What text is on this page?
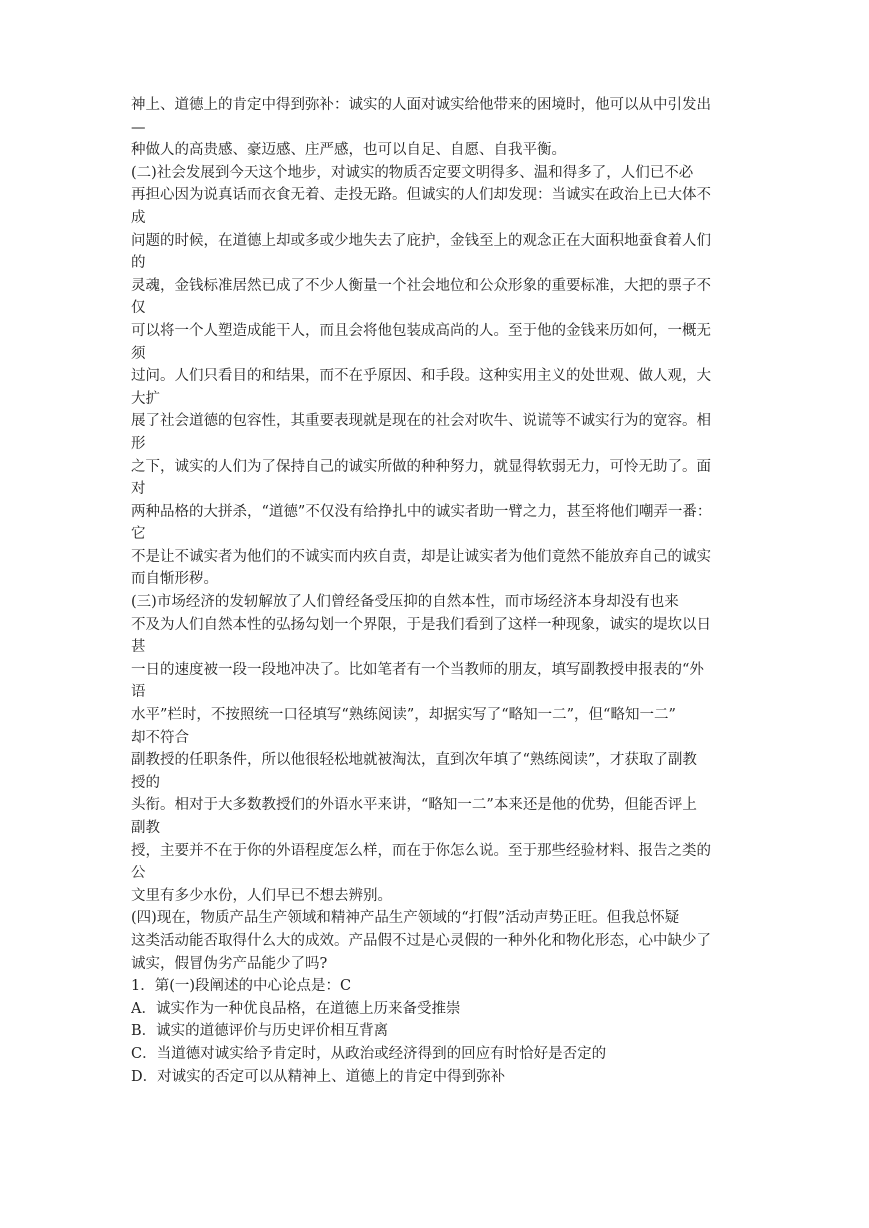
神上、道德上的肯定中得到弥补：诚实的人面对诚实给他带来的困境时，他可以从中引发出
—
种做人的高贵感、豪迈感、庄严感，也可以自足、自愿、自我平衡。
(二)社会发展到今天这个地步，对诚实的物质否定要文明得多、温和得多了，人们已不必
再担心因为说真话而衣食无着、走投无路。但诚实的人们却发现：当诚实在政治上已大体不
成
问题的时候，在道德上却或多或少地失去了庇护，金钱至上的观念正在大面积地蚕食着人们
的
灵魂，金钱标准居然已成了不少人衡量一个社会地位和公众形象的重要标准，大把的票子不
仅
可以将一个人塑造成能干人，而且会将他包装成高尚的人。至于他的金钱来历如何，一概无
须
过问。人们只看目的和结果，而不在乎原因、和手段。这种实用主义的处世观、做人观，大
大扩
展了社会道德的包容性，其重要表现就是现在的社会对吹牛、说谎等不诚实行为的宽容。相
形
之下，诚实的人们为了保持自己的诚实所做的种种努力，就显得软弱无力，可怜无助了。面
对
两种品格的大拼杀，“道德”不仅没有给挣扎中的诚实者助一臂之力，甚至将他们嘲弄一番：
它
不是让不诚实者为他们的不诚实而内疚自责，却是让诚实者为他们竟然不能放弃自己的诚实
而自惭形秽。
(三)市场经济的发轫解放了人们曾经备受压抑的自然本性，而市场经济本身却没有也来
不及为人们自然本性的弘扬勾划一个界限，于是我们看到了这样一种现象，诚实的堤坎以日
甚
一日的速度被一段一段地冲决了。比如笔者有一个当教师的朋友，填写副教授申报表的“外
语
水平”栏时，不按照统一口径填写“熟练阅读”，却据实写了“略知一二”，但“略知一二”
却不符合
副教授的任职条件，所以他很轻松地就被淘汰，直到次年填了“熟练阅读”，才获取了副教
授的
头衔。相对于大多数教授们的外语水平来讲，“略知一二”本来还是他的优势，但能否评上
副教
授，主要并不在于你的外语程度怎么样，而在于你怎么说。至于那些经验材料、报告之类的
公
文里有多少水份，人们早已不想去辨别。
(四)现在，物质产品生产领域和精神产品生产领域的“打假”活动声势正旺。但我总怀疑
这类活动能否取得什么大的成效。产品假不过是心灵假的一种外化和物化形态，心中缺少了
诚实，假冒伪劣产品能少了吗?
1．第(一)段阐述的中心论点是：C
A．诚实作为一种优良品格，在道德上历来备受推崇
B．诚实的道德评价与历史评价相互背离
C．当道德对诚实给予肯定时，从政治或经济得到的回应有时恰好是否定的
D．对诚实的否定可以从精神上、道德上的肯定中得到弥补
